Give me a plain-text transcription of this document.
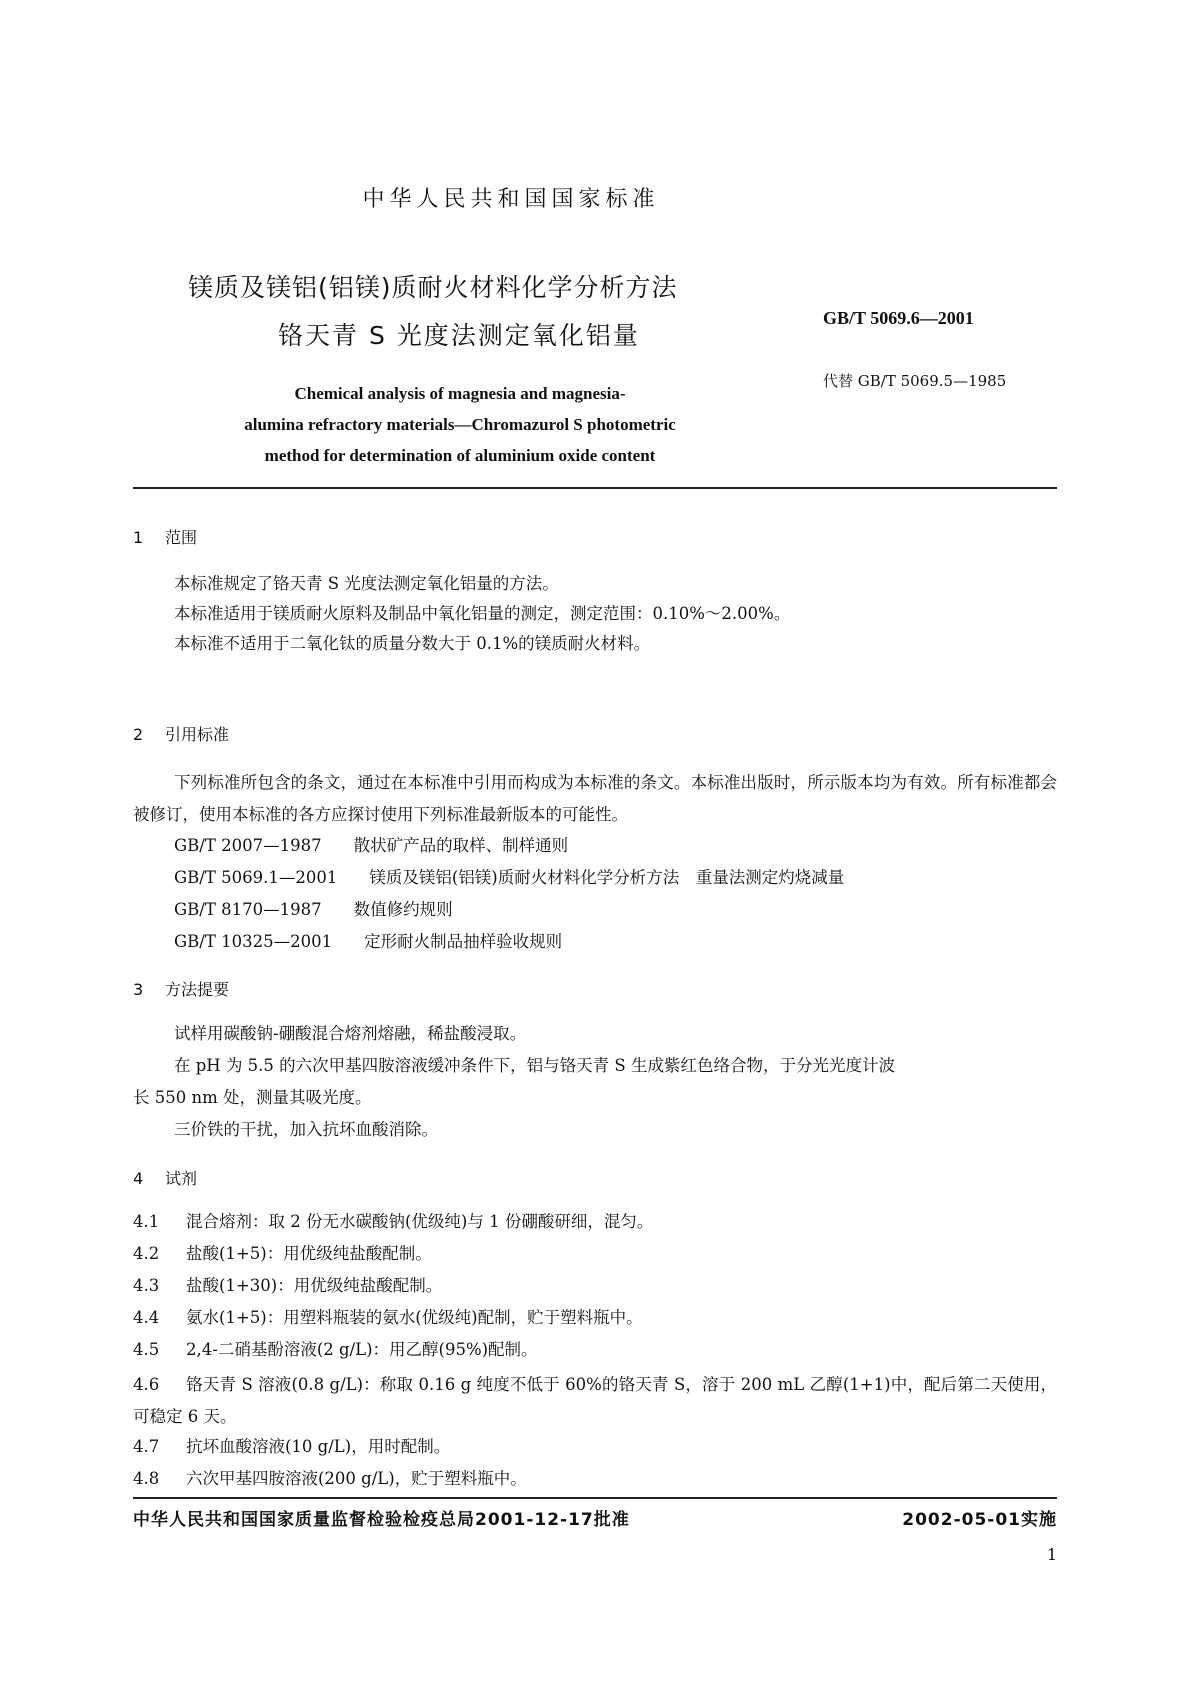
中华人民共和国国家标准
镁质及镁铝(铝镁)质耐火材料化学分析方法
铬天青 S 光度法测定氧化铝量
GB/T 5069.6—2001
代替 GB/T 5069.5—1985
Chemical analysis of magnesia and magnesia-
alumina refractory materials—Chromazurol S photometric
method for determination of aluminium oxide content
1 范围
本标准规定了铬天青 S 光度法测定氧化铝量的方法。
本标准适用于镁质耐火原料及制品中氧化铝量的测定，测定范围：0.10%～2.00%。
本标准不适用于二氧化钛的质量分数大于 0.1%的镁质耐火材料。
2 引用标准
下列标准所包含的条文，通过在本标准中引用而构成为本标准的条文。本标准出版时，所示版本均为有效。所有标准都会被修订，使用本标准的各方应探讨使用下列标准最新版本的可能性。
GB/T 2007—1987 散状矿产品的取样、制样通则
GB/T 5069.1—2001 镁质及镁铝(铝镁)质耐火材料化学分析方法　重量法测定灼烧减量
GB/T 8170—1987 数值修约规则
GB/T 10325—2001 定形耐火制品抽样验收规则
3 方法提要
试样用碳酸钠-硼酸混合熔剂熔融，稀盐酸浸取。
在 pH 为 5.5 的六次甲基四胺溶液缓冲条件下，铝与铬天青 S 生成紫红色络合物，于分光光度计波
长 550 nm 处，测量其吸光度。
三价铁的干扰，加入抗坏血酸消除。
4 试剂
4.1 混合熔剂：取 2 份无水碳酸钠(优级纯)与 1 份硼酸研细，混匀。
4.2 盐酸(1+5)：用优级纯盐酸配制。
4.3 盐酸(1+30)：用优级纯盐酸配制。
4.4 氨水(1+5)：用塑料瓶装的氨水(优级纯)配制，贮于塑料瓶中。
4.5 2,4-二硝基酚溶液(2 g/L)：用乙醇(95%)配制。
4.6 铬天青 S 溶液(0.8 g/L)：称取 0.16 g 纯度不低于 60%的铬天青 S，溶于 200 mL 乙醇(1+1)中，配后第二天使用，可稳定 6 天。
4.7 抗坏血酸溶液(10 g/L)，用时配制。
4.8 六次甲基四胺溶液(200 g/L)，贮于塑料瓶中。
中华人民共和国国家质量监督检验检疫总局2001-12-17批准	2002-05-01实施
1
